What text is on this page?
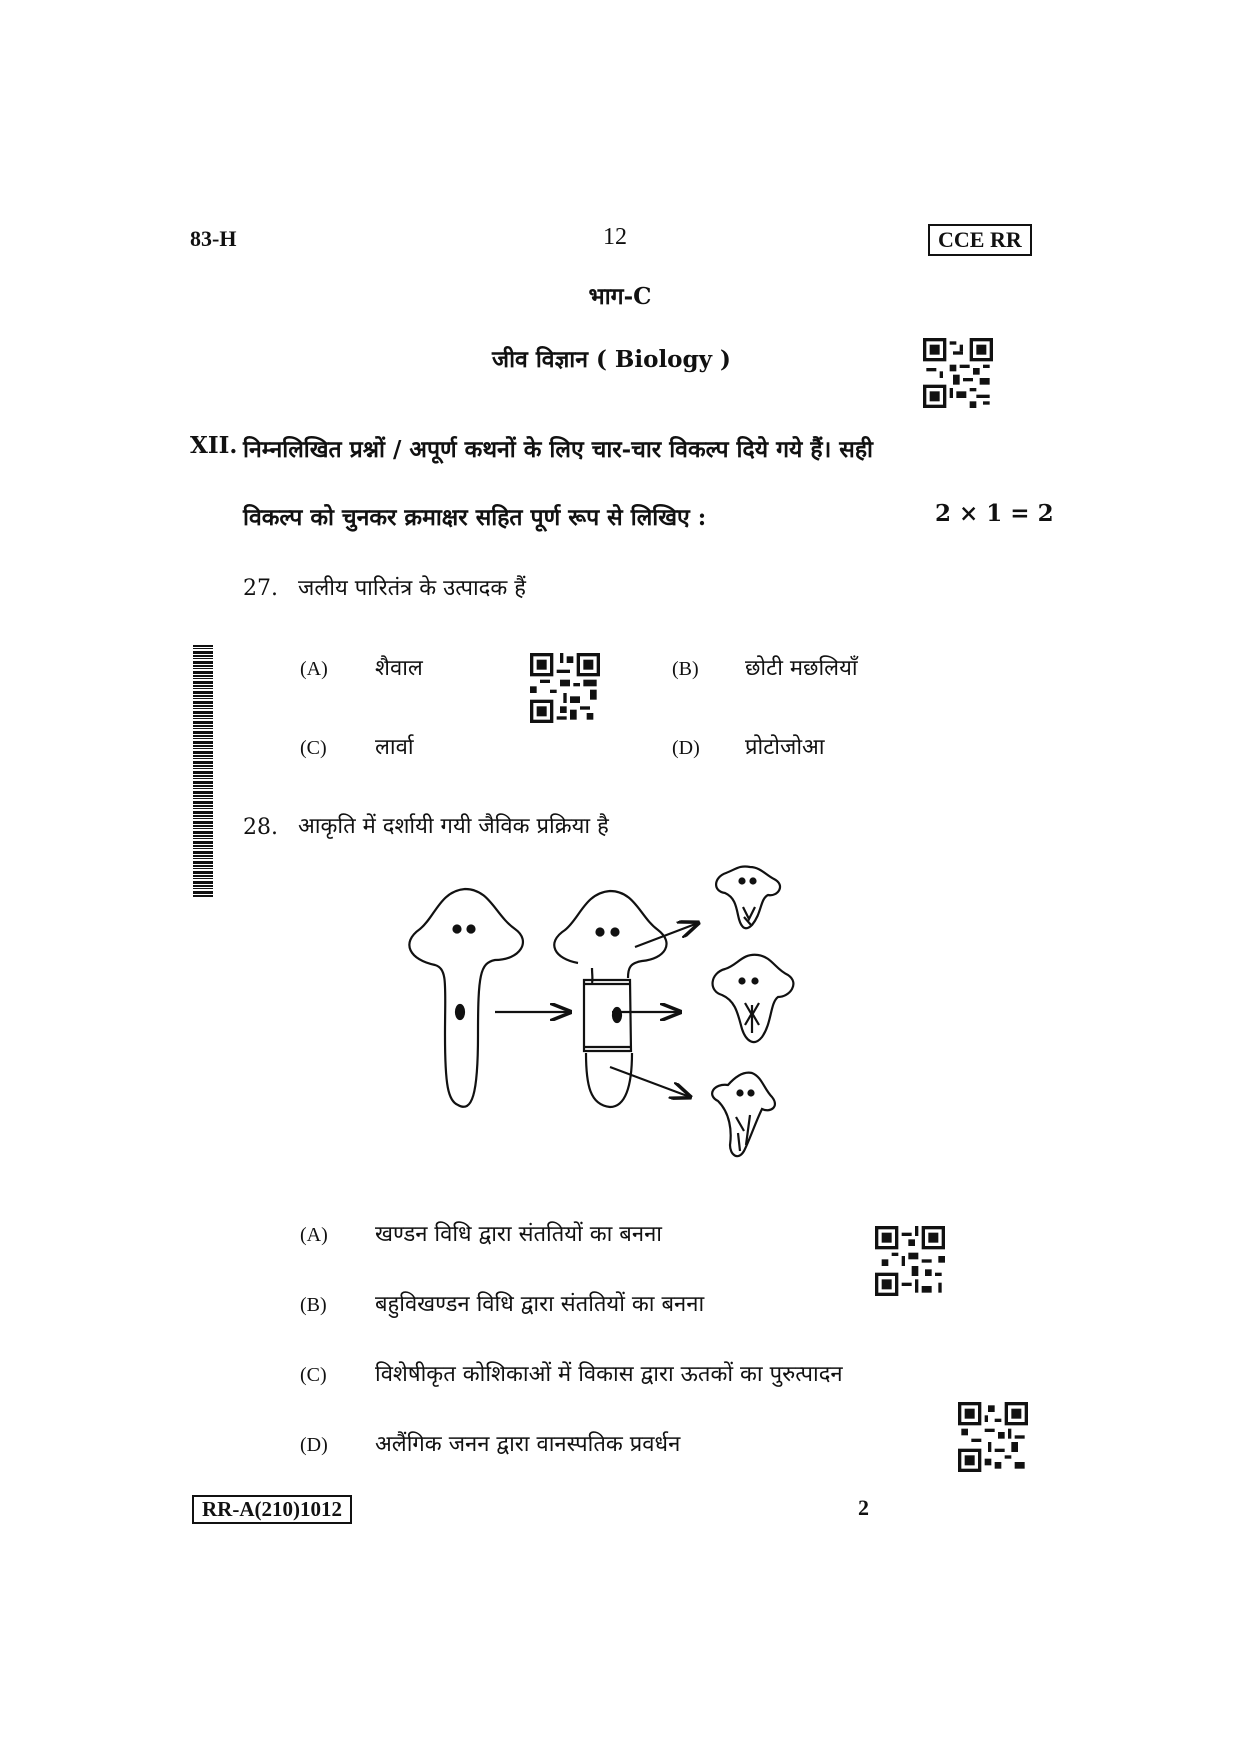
83-H	12	CCE RR
भाग-C
जीव विज्ञान ( Biology )
XII. निम्नलिखित प्रश्नों / अपूर्ण कथनों के लिए चार-चार विकल्प दिये गये हैं। सही
विकल्प को चुनकर क्रमाक्षर सहित पूर्ण रूप से लिखिए :	2 × 1 = 2
27. जलीय पारितंत्र के उत्पादक हैं
(A) शैवाल	(B) छोटी मछलियाँ
(C) लार्वा	(D) प्रोटोजोआ
28. आकृति में दर्शायी गयी जैविक प्रक्रिया है
(A) खण्डन विधि द्वारा संततियों का बनना
(B) बहुविखण्डन विधि द्वारा संततियों का बनना
(C) विशेषीकृत कोशिकाओं में विकास द्वारा ऊतकों का पुरुत्पादन
(D) अलैंगिक जनन द्वारा वानस्पतिक प्रवर्धन
RR-A(210)1012	2
